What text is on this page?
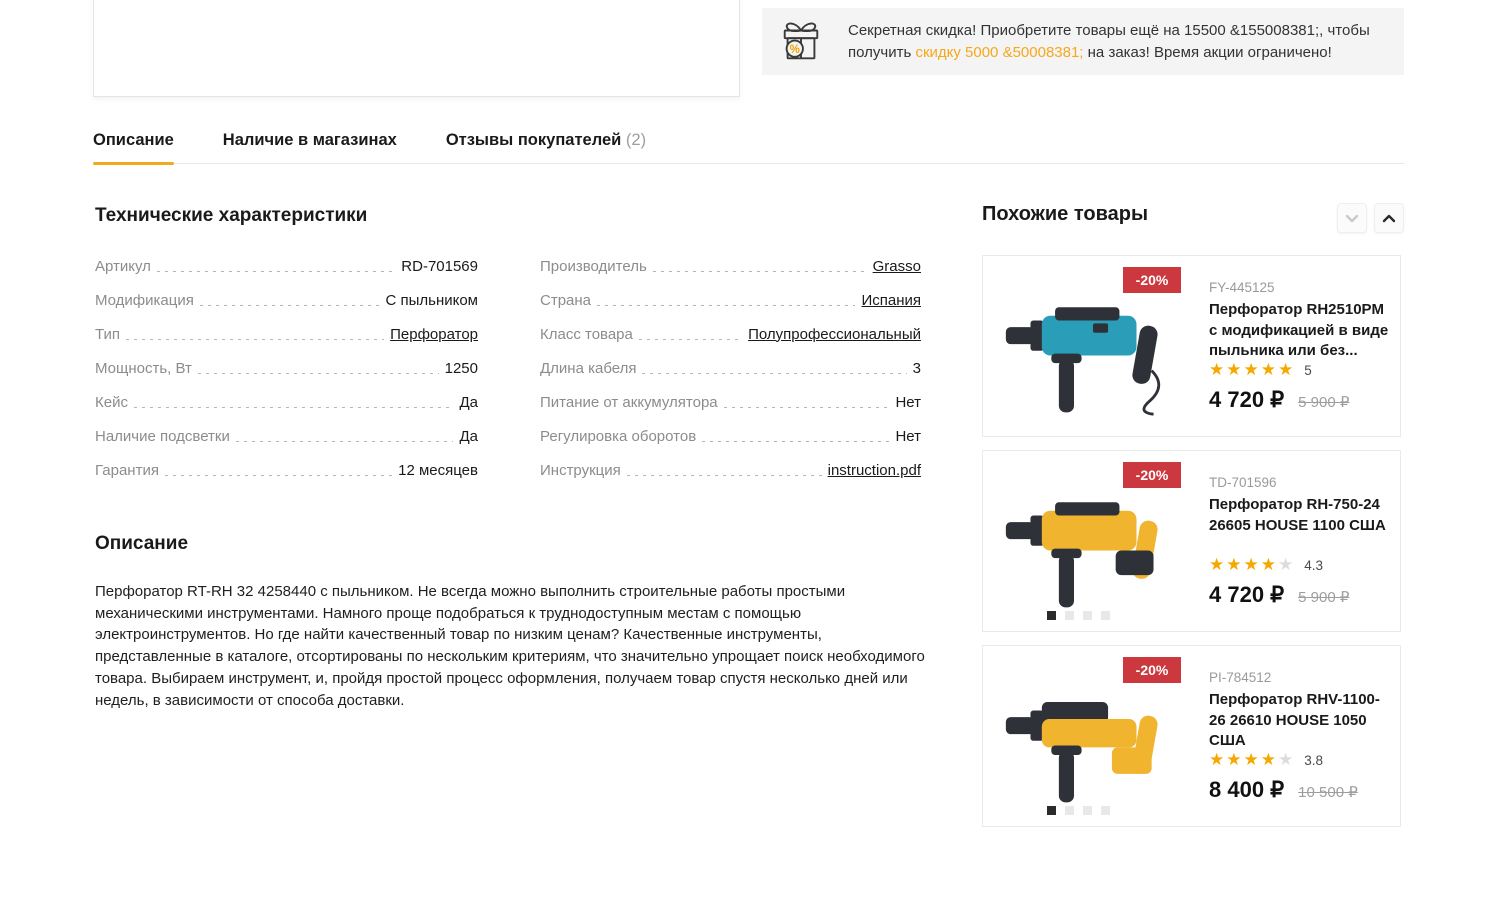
%
Секретная скидка! Приобретите товары ещё на 15500 &155008381;, чтобы получить скидку 5000 &50008381; на заказ! Время акции ограничено!
Описание	Наличие в магазинах	Отзывы покупателей (2)
Технические характеристики
Артикул	RD-701569
Модификация	С пыльником
Тип	Перфоратор
Мощность, Вт	1250
Кейс	Да
Наличие подсветки	Да
Гарантия	12 месяцев
Производитель	Grasso
Страна	Испания
Класс товара	Полупрофессиональный
Длина кабеля	3
Питание от аккумулятора	Нет
Регулировка оборотов	Нет
Инструкция	instruction.pdf
Описание

Перфоратор RT-RH 32 4258440 с пыльником. Не всегда можно выполнить строительные работы простыми механическими инструментами. Намного проще подобраться к труднодоступным местам с помощью электроинструментов. Но где найти качественный товар по низким ценам? Качественные инструменты, представленные в каталоге, отсортированы по нескольким критериям, что значительно упрощает поиск необходимого товара. Выбираем инструмент, и, пройдя простой процесс оформления, получаем товар спустя несколько дней или недель, в зависимости от способа доставки.

Похожие товары
-20%	FY-445125
Перфоратор RH2510PM с модификацией в виде пыльника или без...
★★★★★ 5
4 720 ₽ 5 900 ₽
-20%	TD-701596
Перфоратор RH-750-24 26605 HOUSE 1100 США
★★★★ ★ 4.3
4 720 ₽ 5 900 ₽
-20%	PI-784512
Перфоратор RHV-1100-26 26610 HOUSE 1050 США
★★★★ ★ 3.8
8 400 ₽ 10 500 ₽
